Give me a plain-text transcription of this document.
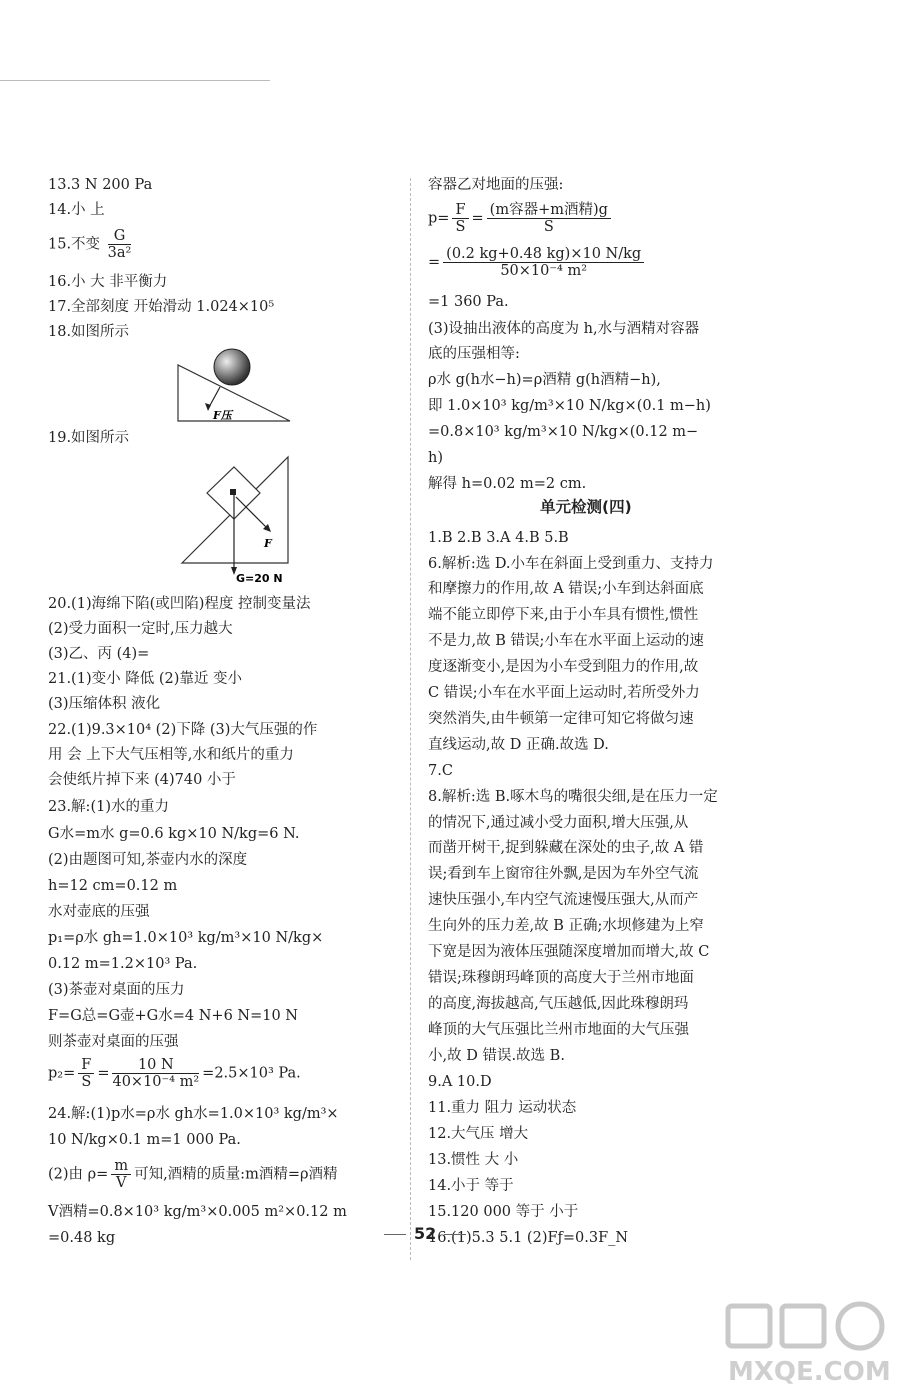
13.3 N 200 Pa
14.小 上
15.不变 $\frac{G}{\text{3a²}}$
16.小 大 非平衡力
17.全部刻度 开始滑动 1.024×10⁵
18.如图所示
19.如图所示
20.(1)海绵下陷(或凹陷)程度 控制变量法
(2)受力面积一定时,压力越大
(3)乙、丙 (4)=
21.(1)变小 降低 (2)靠近 变小
(3)压缩体积 液化
22.(1)9.3×10⁴ (2)下降 (3)大气压强的作
用 会 上下大气压相等,水和纸片的重力
会使纸片掉下来 (4)740 小于
23.解:(1)水的重力
G水=m水 g=0.6 kg×10 N/kg=6 N.
(2)由题图可知,茶壶内水的深度
h=12 cm=0.12 m
水对壶底的压强
p₁=ρ水 gh=1.0×10³ kg/m³×10 N/kg×
0.12 m=1.2×10³ Pa.
(3)茶壶对桌面的压力
F=G总=G壶+G水=4 N+6 N=10 N
则茶壶对桌面的压强
$p_2= \frac{F}{S} = \frac{10 N}{\text{40×10⁻⁴ m²}} =2.5\times 10^3$ Pa.
24.解:(1)p水=ρ水 gh水=1.0×10³ kg/m³×
10 N/kg×0.1 m=1 000 Pa.
(2)由 $\rho= \frac{m}{V}$ 可知,酒精的质量:m酒精=ρ酒精
V酒精=0.8×10³ kg/m³×0.005 m²×0.12 m
=0.48 kg
F压
F
G=20 N
容器乙对地面的压强:
$p= \frac{F}{S} = \frac{\text{(m容器+m酒精)g}}{S}$
= $\frac{(0.2 kg+0.48 kg)\times 10 N/kg}{\text{50×10⁻⁴ m²}}$
=1 360 Pa.
(3)设抽出液体的高度为 h,水与酒精对容器
底的压强相等:
ρ水 g(h水−h)=ρ酒精 g(h酒精−h),
即 1.0×10³ kg/m³×10 N/kg×(0.1 m−h)
=0.8×10³ kg/m³×10 N/kg×(0.12 m−
h)
解得 h=0.02 m=2 cm.
1.B 2.B 3.A 4.B 5.B
6.解析:选 D.小车在斜面上受到重力、支持力
和摩擦力的作用,故 A 错误;小车到达斜面底
端不能立即停下来,由于小车具有惯性,惯性
不是力,故 B 错误;小车在水平面上运动的速
度逐渐变小,是因为小车受到阻力的作用,故
C 错误;小车在水平面上运动时,若所受外力
突然消失,由牛顿第一定律可知它将做匀速
直线运动,故 D 正确.故选 D.
7.C
8.解析:选 B.啄木鸟的嘴很尖细,是在压力一定
的情况下,通过减小受力面积,增大压强,从
而凿开树干,捉到躲藏在深处的虫子,故 A 错
误;看到车上窗帘往外飘,是因为车外空气流
速快压强小,车内空气流速慢压强大,从而产
生向外的压力差,故 B 正确;水坝修建为上窄
下宽是因为液体压强随深度增加而增大,故 C
错误;珠穆朗玛峰顶的高度大于兰州市地面
的高度,海拔越高,气压越低,因此珠穆朗玛
峰顶的大气压强比兰州市地面的大气压强
小,故 D 错误.故选 B.
9.A 10.D
11.重力 阻力 运动状态
12.大气压 增大
13.惯性 大 小
14.小于 等于
15.120 000 等于 小于
16.(1)5.3 5.1 (2)Fƒ=0.3F_N
单元检测(四)
52
MXQE.COM
